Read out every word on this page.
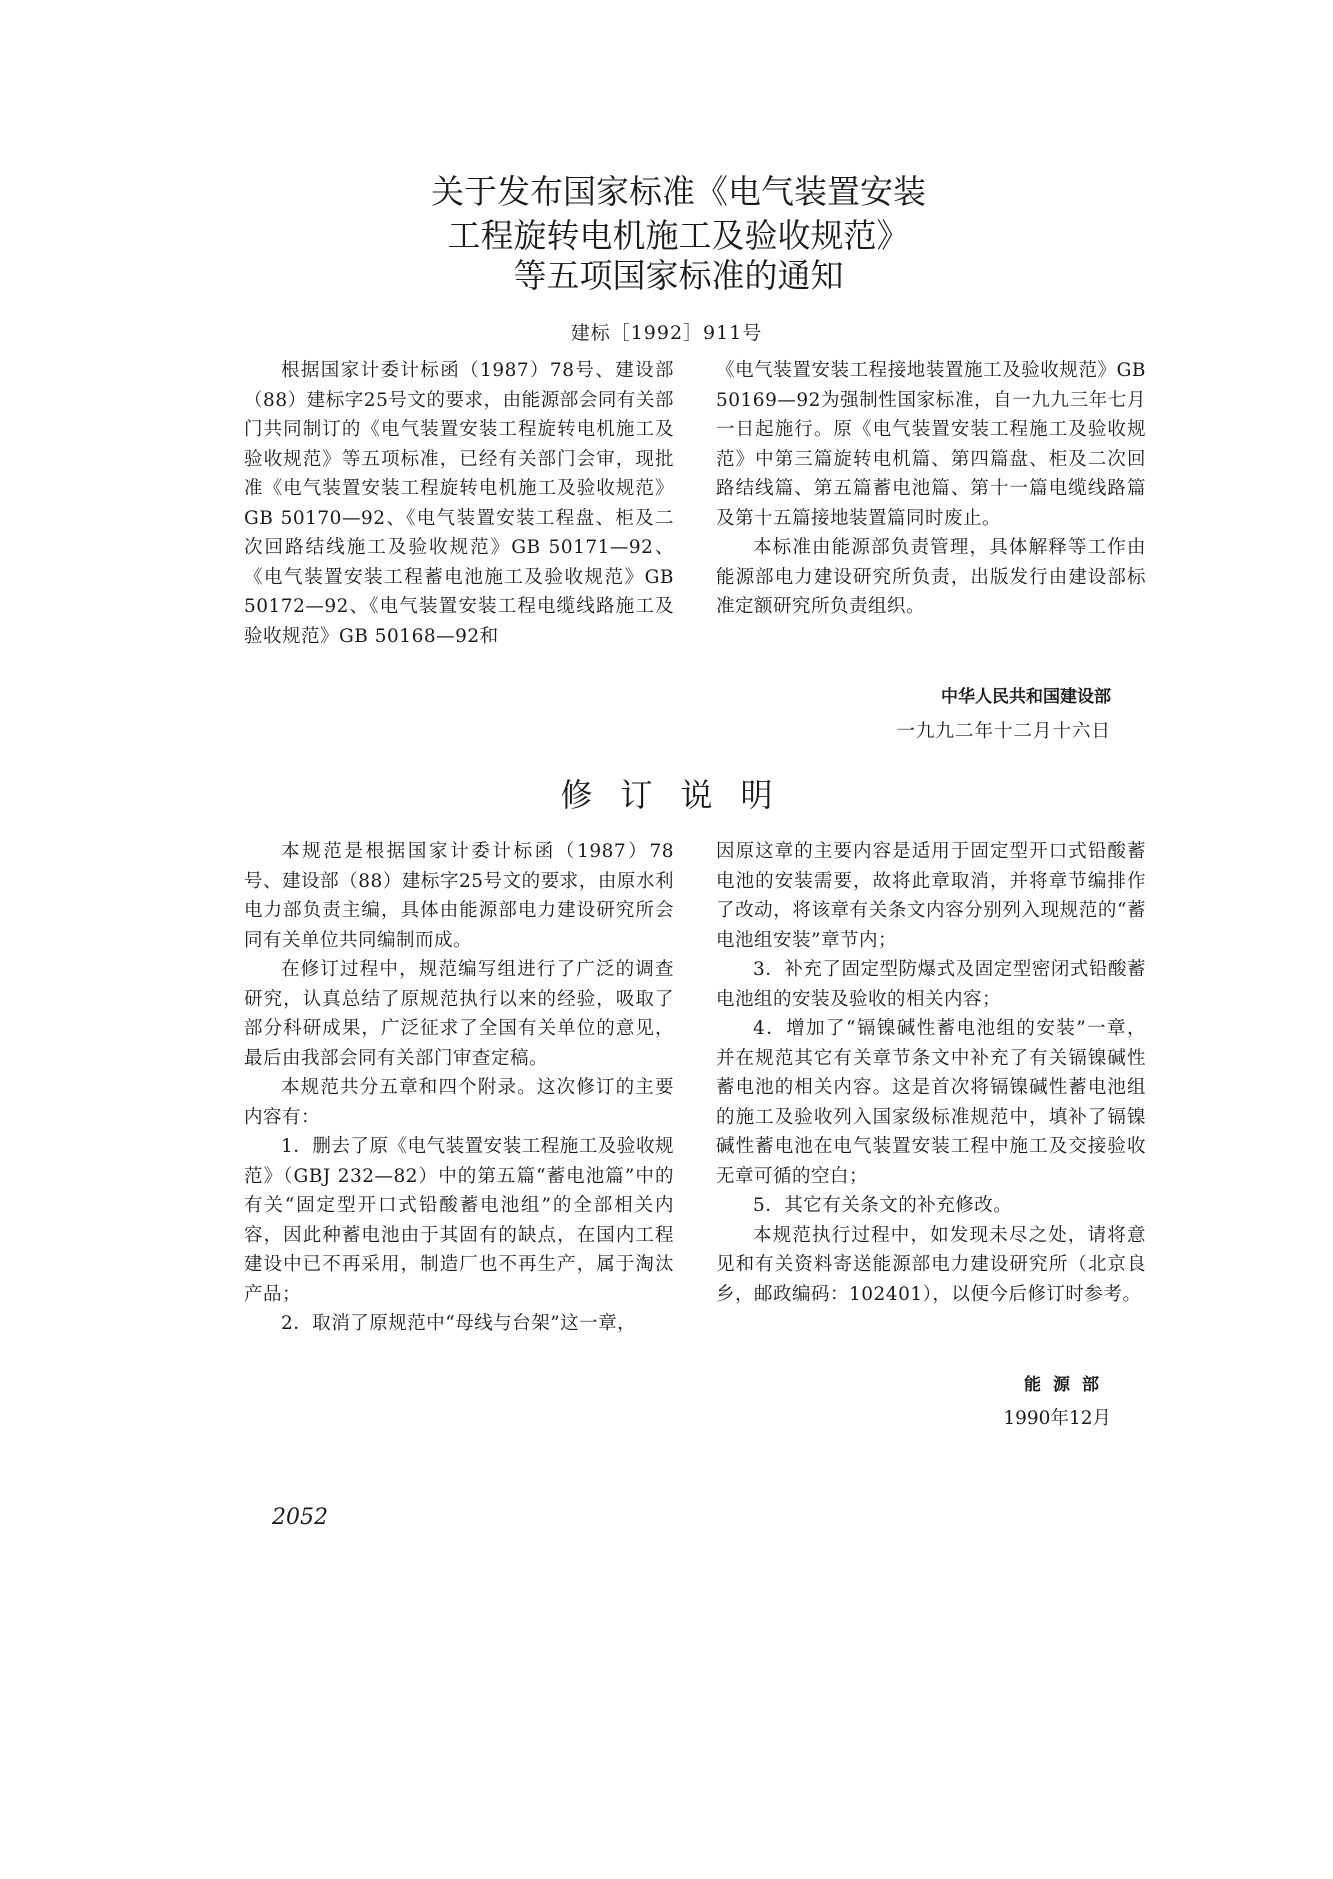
关于发布国家标准《电气装置安装
工程旋转电机施工及验收规范》
等五项国家标准的通知
建标［1992］911号

根据国家计委计标函（1987）78号、建设部（88）建标字25号文的要求，由能源部会同有关部门共同制订的《电气装置安装工程旋转电机施工及验收规范》等五项标准，已经有关部门会审，现批准《电气装置安装工程旋转电机施工及验收规范》GB 50170—92、《电气装置安装工程盘、柜及二次回路结线施工及验收规范》GB 50171—92、《电气装置安装工程蓄电池施工及验收规范》GB 50172—92、《电气装置安装工程电缆线路施工及验收规范》GB 50168—92和

《电气装置安装工程接地装置施工及验收规范》GB 50169—92为强制性国家标准，自一九九三年七月一日起施行。原《电气装置安装工程施工及验收规范》中第三篇旋转电机篇、第四篇盘、柜及二次回路结线篇、第五篇蓄电池篇、第十一篇电缆线路篇及第十五篇接地装置篇同时废止。

本标准由能源部负责管理，具体解释等工作由能源部电力建设研究所负责，出版发行由建设部标准定额研究所负责组织。

中华人民共和国建设部
一九九二年十二月十六日
修订说明

本规范是根据国家计委计标函（1987）78号、建设部（88）建标字25号文的要求，由原水利电力部负责主编，具体由能源部电力建设研究所会同有关单位共同编制而成。

在修订过程中，规范编写组进行了广泛的调查研究，认真总结了原规范执行以来的经验，吸取了部分科研成果，广泛征求了全国有关单位的意见，最后由我部会同有关部门审查定稿。

本规范共分五章和四个附录。这次修订的主要内容有：

1．删去了原《电气装置安装工程施工及验收规范》（GBJ 232—82）中的第五篇“蓄电池篇”中的有关“固定型开口式铅酸蓄电池组”的全部相关内容，因此种蓄电池由于其固有的缺点，在国内工程建设中已不再采用，制造厂也不再生产，属于淘汰产品；

2．取消了原规范中“母线与台架”这一章，

因原这章的主要内容是适用于固定型开口式铅酸蓄电池的安装需要，故将此章取消，并将章节编排作了改动，将该章有关条文内容分别列入现规范的“蓄电池组安装”章节内；

3．补充了固定型防爆式及固定型密闭式铅酸蓄电池组的安装及验收的相关内容；

4．增加了“镉镍碱性蓄电池组的安装”一章，并在规范其它有关章节条文中补充了有关镉镍碱性蓄电池的相关内容。这是首次将镉镍碱性蓄电池组的施工及验收列入国家级标准规范中，填补了镉镍碱性蓄电池在电气装置安装工程中施工及交接验收无章可循的空白；

5．其它有关条文的补充修改。

本规范执行过程中，如发现未尽之处，请将意见和有关资料寄送能源部电力建设研究所（北京良乡，邮政编码：102401），以便今后修订时参考。

能源部
1990年12月
2052
